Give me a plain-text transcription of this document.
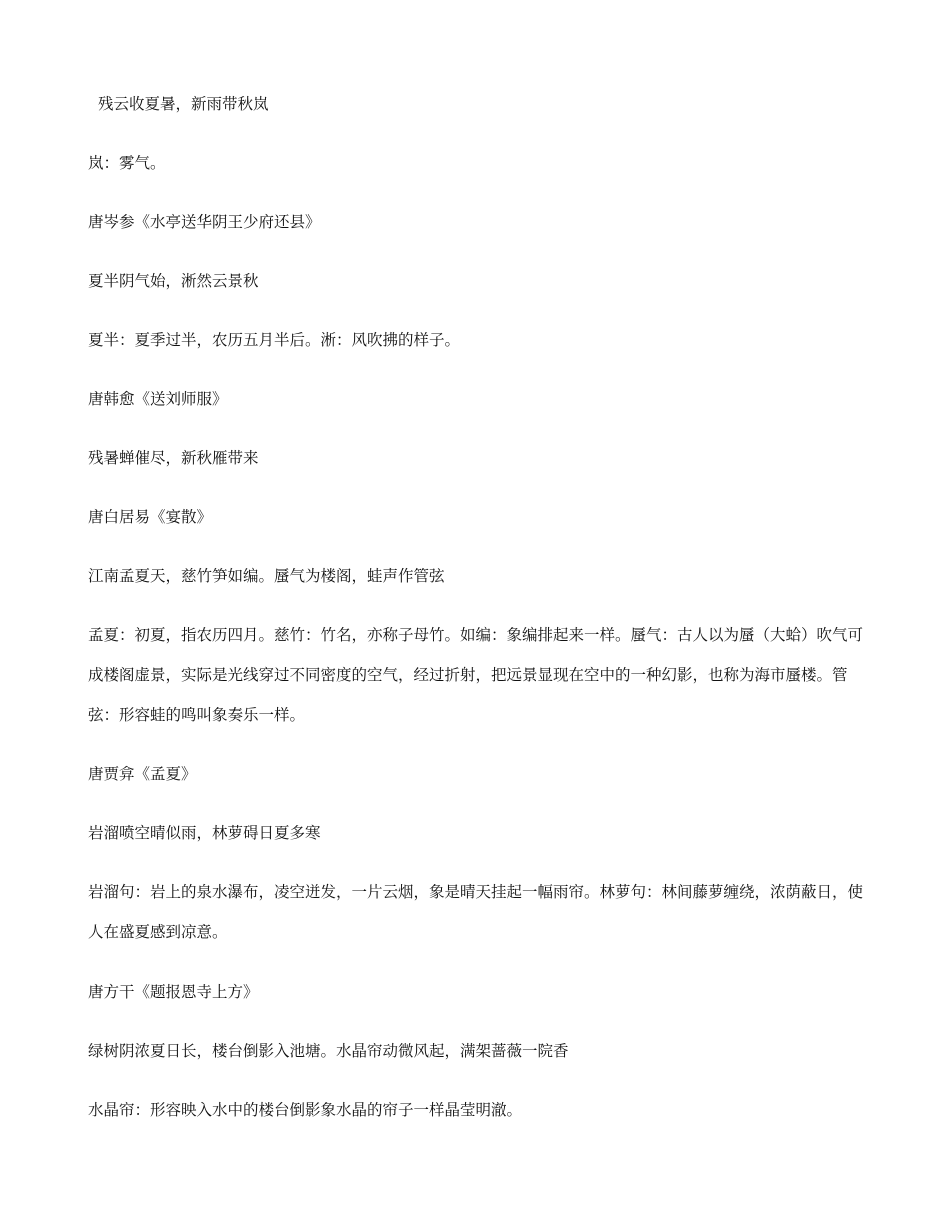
残云收夏暑，新雨带秋岚

岚：雾气。

唐岑参《水亭送华阴王少府还县》

夏半阴气始，淅然云景秋

夏半：夏季过半，农历五月半后。淅：风吹拂的样子。

唐韩愈《送刘师服》

残暑蝉催尽，新秋雁带来

唐白居易《宴散》

江南孟夏天，慈竹笋如编。蜃气为楼阁，蛙声作管弦

孟夏：初夏，指农历四月。慈竹：竹名，亦称子母竹。如编：象编排起来一样。蜃气：古人以为蜃（大蛤）吹气可成楼阁虚景，实际是光线穿过不同密度的空气，经过折射，把远景显现在空中的一种幻影，也称为海市蜃楼。管弦：形容蛙的鸣叫象奏乐一样。

唐贾弇《孟夏》

岩溜喷空晴似雨，林萝碍日夏多寒

岩溜句：岩上的泉水瀑布，凌空迸发，一片云烟，象是晴天挂起一幅雨帘。林萝句：林间藤萝缠绕，浓荫蔽日，使人在盛夏感到凉意。

唐方干《题报恩寺上方》

绿树阴浓夏日长，楼台倒影入池塘。水晶帘动微风起，满架蔷薇一院香

水晶帘：形容映入水中的楼台倒影象水晶的帘子一样晶莹明澈。
